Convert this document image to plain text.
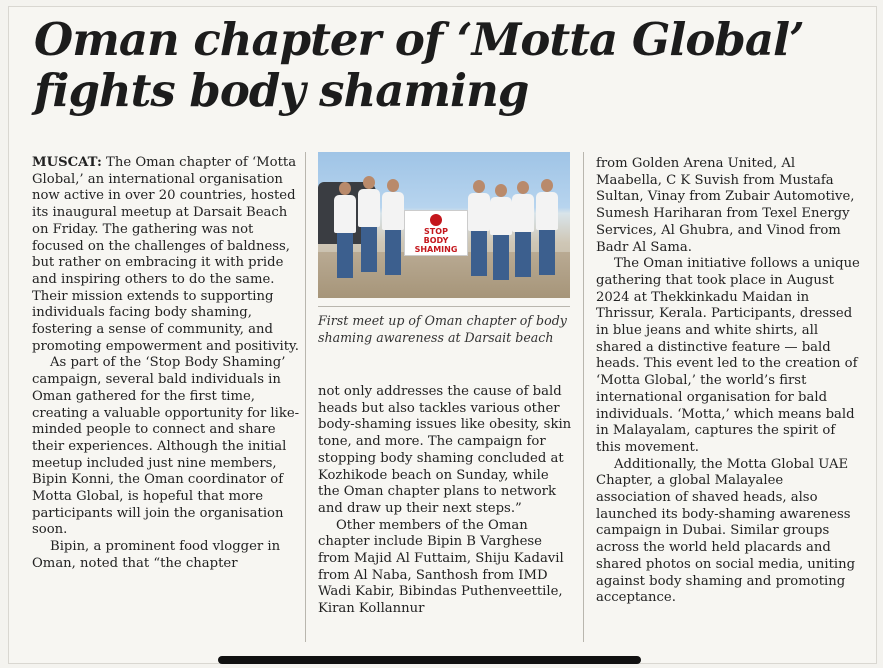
Oman chapter of ‘Motta Global’ fights body shaming

MUSCAT: The Oman chapter of ‘Motta Global,’ an international organisation now active in over 20 countries, hosted its inaugural meetup at Darsait Beach on Friday. The gathering was not focused on the challenges of baldness, but rather on embracing it with pride and inspiring others to do the same. Their mission extends to supporting individuals facing body shaming, fostering a sense of community, and promoting empowerment and positivity.

As part of the ‘Stop Body Shaming’ campaign, several bald individuals in Oman gathered for the first time, creating a valuable opportunity for like-minded people to connect and share their experiences. Although the initial meetup included just nine members, Bipin Konni, the Oman coordinator of Motta Global, is hopeful that more participants will join the organisation soon.

Bipin, a prominent food vlogger in Oman, noted that “the chapter

STOP
BODY SHAMING

First meet up of Oman chapter of body shaming awareness at Darsait beach

not only addresses the cause of bald heads but also tackles various other body-shaming issues like obesity, skin tone, and more. The campaign for stopping body shaming concluded at Kozhikode beach on Sunday, while the Oman chapter plans to network and draw up their next steps.”

Other members of the Oman chapter include Bipin B Varghese from Majid Al Futtaim, Shiju Kadavil from Al Naba, Santhosh from IMD Wadi Kabir, Bibindas Puthenveettile, Kiran Kollannur

from Golden Arena United, Al Maabella, C K Suvish from Mustafa Sultan, Vinay from Zubair Automotive, Sumesh Hariharan from Texel Energy Services, Al Ghubra, and Vinod from Badr Al Sama.

The Oman initiative follows a unique gathering that took place in August 2024 at Thekkinkadu Maidan in Thrissur, Kerala. Participants, dressed in blue jeans and white shirts, all shared a distinctive feature — bald heads. This event led to the creation of ‘Motta Global,’ the world’s first international organisation for bald individuals. ‘Motta,’ which means bald in Malayalam, captures the spirit of this movement.

Additionally, the Motta Global UAE Chapter, a global Malayalee association of shaved heads, also launched its body-shaming awareness campaign in Dubai. Similar groups across the world held placards and shared photos on social media, uniting against body shaming and promoting acceptance.
